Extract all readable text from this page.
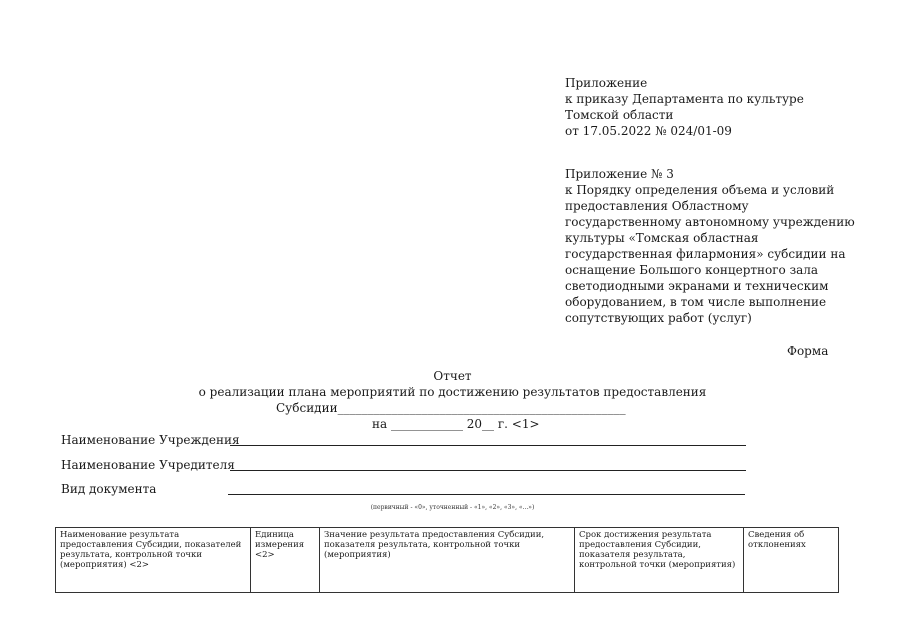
Приложение
к приказу Департамента по культуре
Томской области
от 17.05.2022 № 024/01-09
Приложение № 3
к Порядку определения объема и условий
предоставления Областному
государственному автономному учреждению
культуры «Томская областная
государственная филармония» субсидии на
оснащение Большого концертного зала
светодиодными экранами и техническим
оборудованием, в том числе выполнение
сопутствующих работ (услуг)
Форма
Отчет
о реализации плана мероприятий по достижению результатов предоставления
Субсидии________________________________________________
на ____________ 20__ г. <1>
Наименование Учреждения
Наименование Учредителя
Вид документа
(первичный - «0», уточненный - «1», «2», «3», «...»)
Наименование результата предоставления Субсидии, показателей результата, контрольной точки (мероприятия) <2>	Единица измерения <2>	Значение результата предоставления Субсидии, показателя результата, контрольной точки (мероприятия)	Срок достижения результата предоставления Субсидии, показателя результата, контрольной точки (мероприятия)	Сведения об отклонениях
